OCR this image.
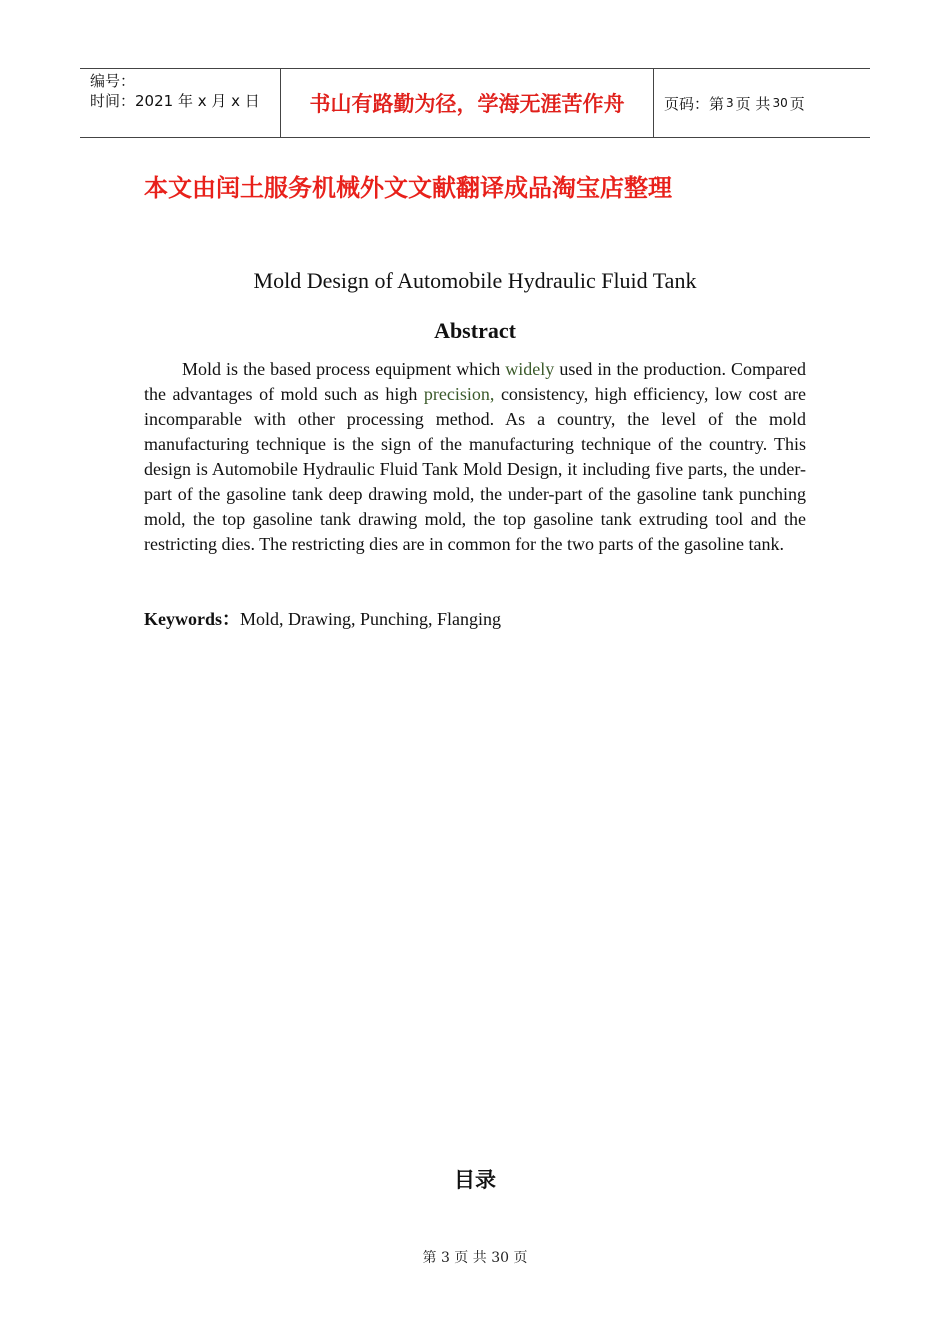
编号：
时间：2021 年 x 月 x 日	书山有路勤为径，学海无涯苦作舟	页码：第 3 页 共 30 页
本文由闰土服务机械外文文献翻译成品淘宝店整理
Mold Design of Automobile Hydraulic Fluid Tank
Abstract
Mold is the based process equipment which widely used in the production. Compared the advantages of mold such as high precision, consistency, high efficiency, low cost are incomparable with other processing method. As a country, the level of the mold manufacturing technique is the sign of the manufacturing technique of the country. This design is Automobile Hydraulic Fluid Tank Mold Design, it including five parts, the under-part of the gasoline tank deep drawing mold, the under-part of the gasoline tank punching mold, the top gasoline tank drawing mold, the top gasoline tank extruding tool and the restricting dies. The restricting dies are in common for the two parts of the gasoline tank.
Keywords：Mold, Drawing, Punching, Flanging
目录
第 3 页 共 30 页
